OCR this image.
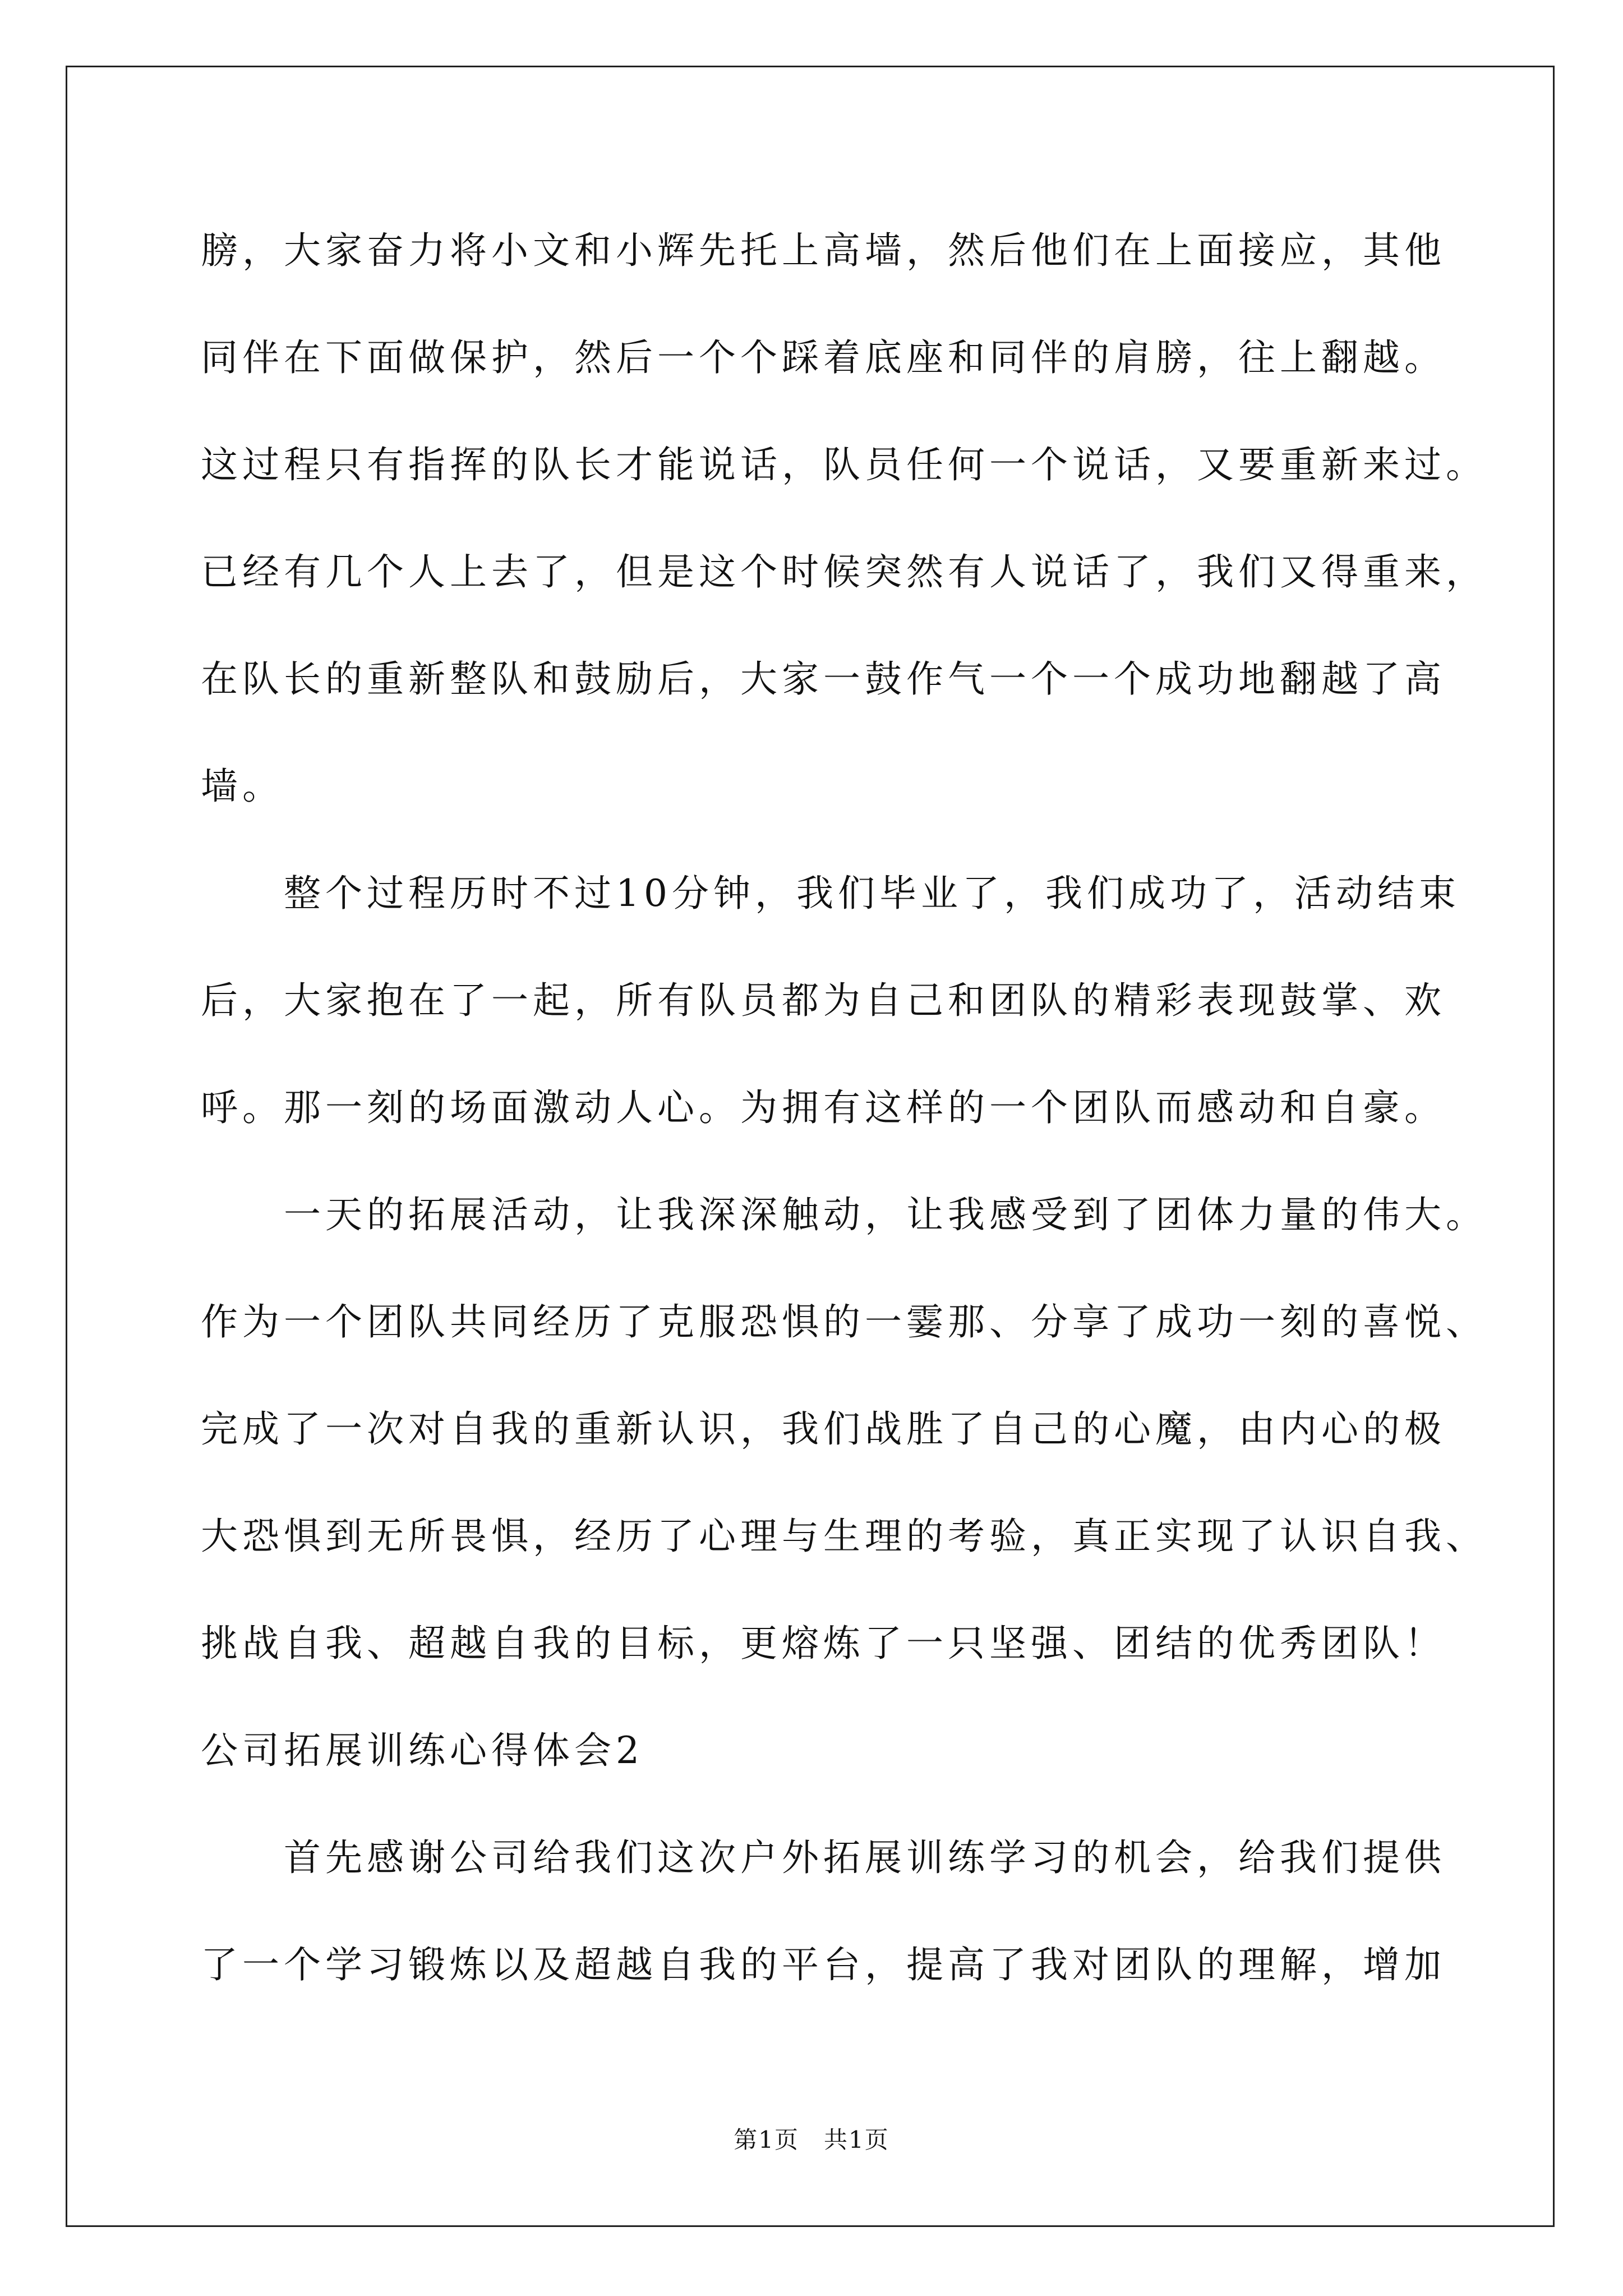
膀，大家奋力将小文和小辉先托上高墙，然后他们在上面接应，其他
同伴在下面做保护，然后一个个踩着底座和同伴的肩膀，往上翻越。
这过程只有指挥的队长才能说话，队员任何一个说话，又要重新来过。
已经有几个人上去了，但是这个时候突然有人说话了，我们又得重来，
在队长的重新整队和鼓励后，大家一鼓作气一个一个成功地翻越了高
墙。
整个过程历时不过10分钟，我们毕业了，我们成功了，活动结束
后，大家抱在了一起，所有队员都为自己和团队的精彩表现鼓掌、欢
呼。那一刻的场面激动人心。为拥有这样的一个团队而感动和自豪。
一天的拓展活动，让我深深触动，让我感受到了团体力量的伟大。
作为一个团队共同经历了克服恐惧的一霎那、分享了成功一刻的喜悦、
完成了一次对自我的重新认识，我们战胜了自己的心魔，由内心的极
大恐惧到无所畏惧，经历了心理与生理的考验，真正实现了认识自我、
挑战自我、超越自我的目标，更熔炼了一只坚强、团结的优秀团队！
公司拓展训练心得体会2
首先感谢公司给我们这次户外拓展训练学习的机会，给我们提供
了一个学习锻炼以及超越自我的平台，提高了我对团队的理解，增加
第1页　共1页
